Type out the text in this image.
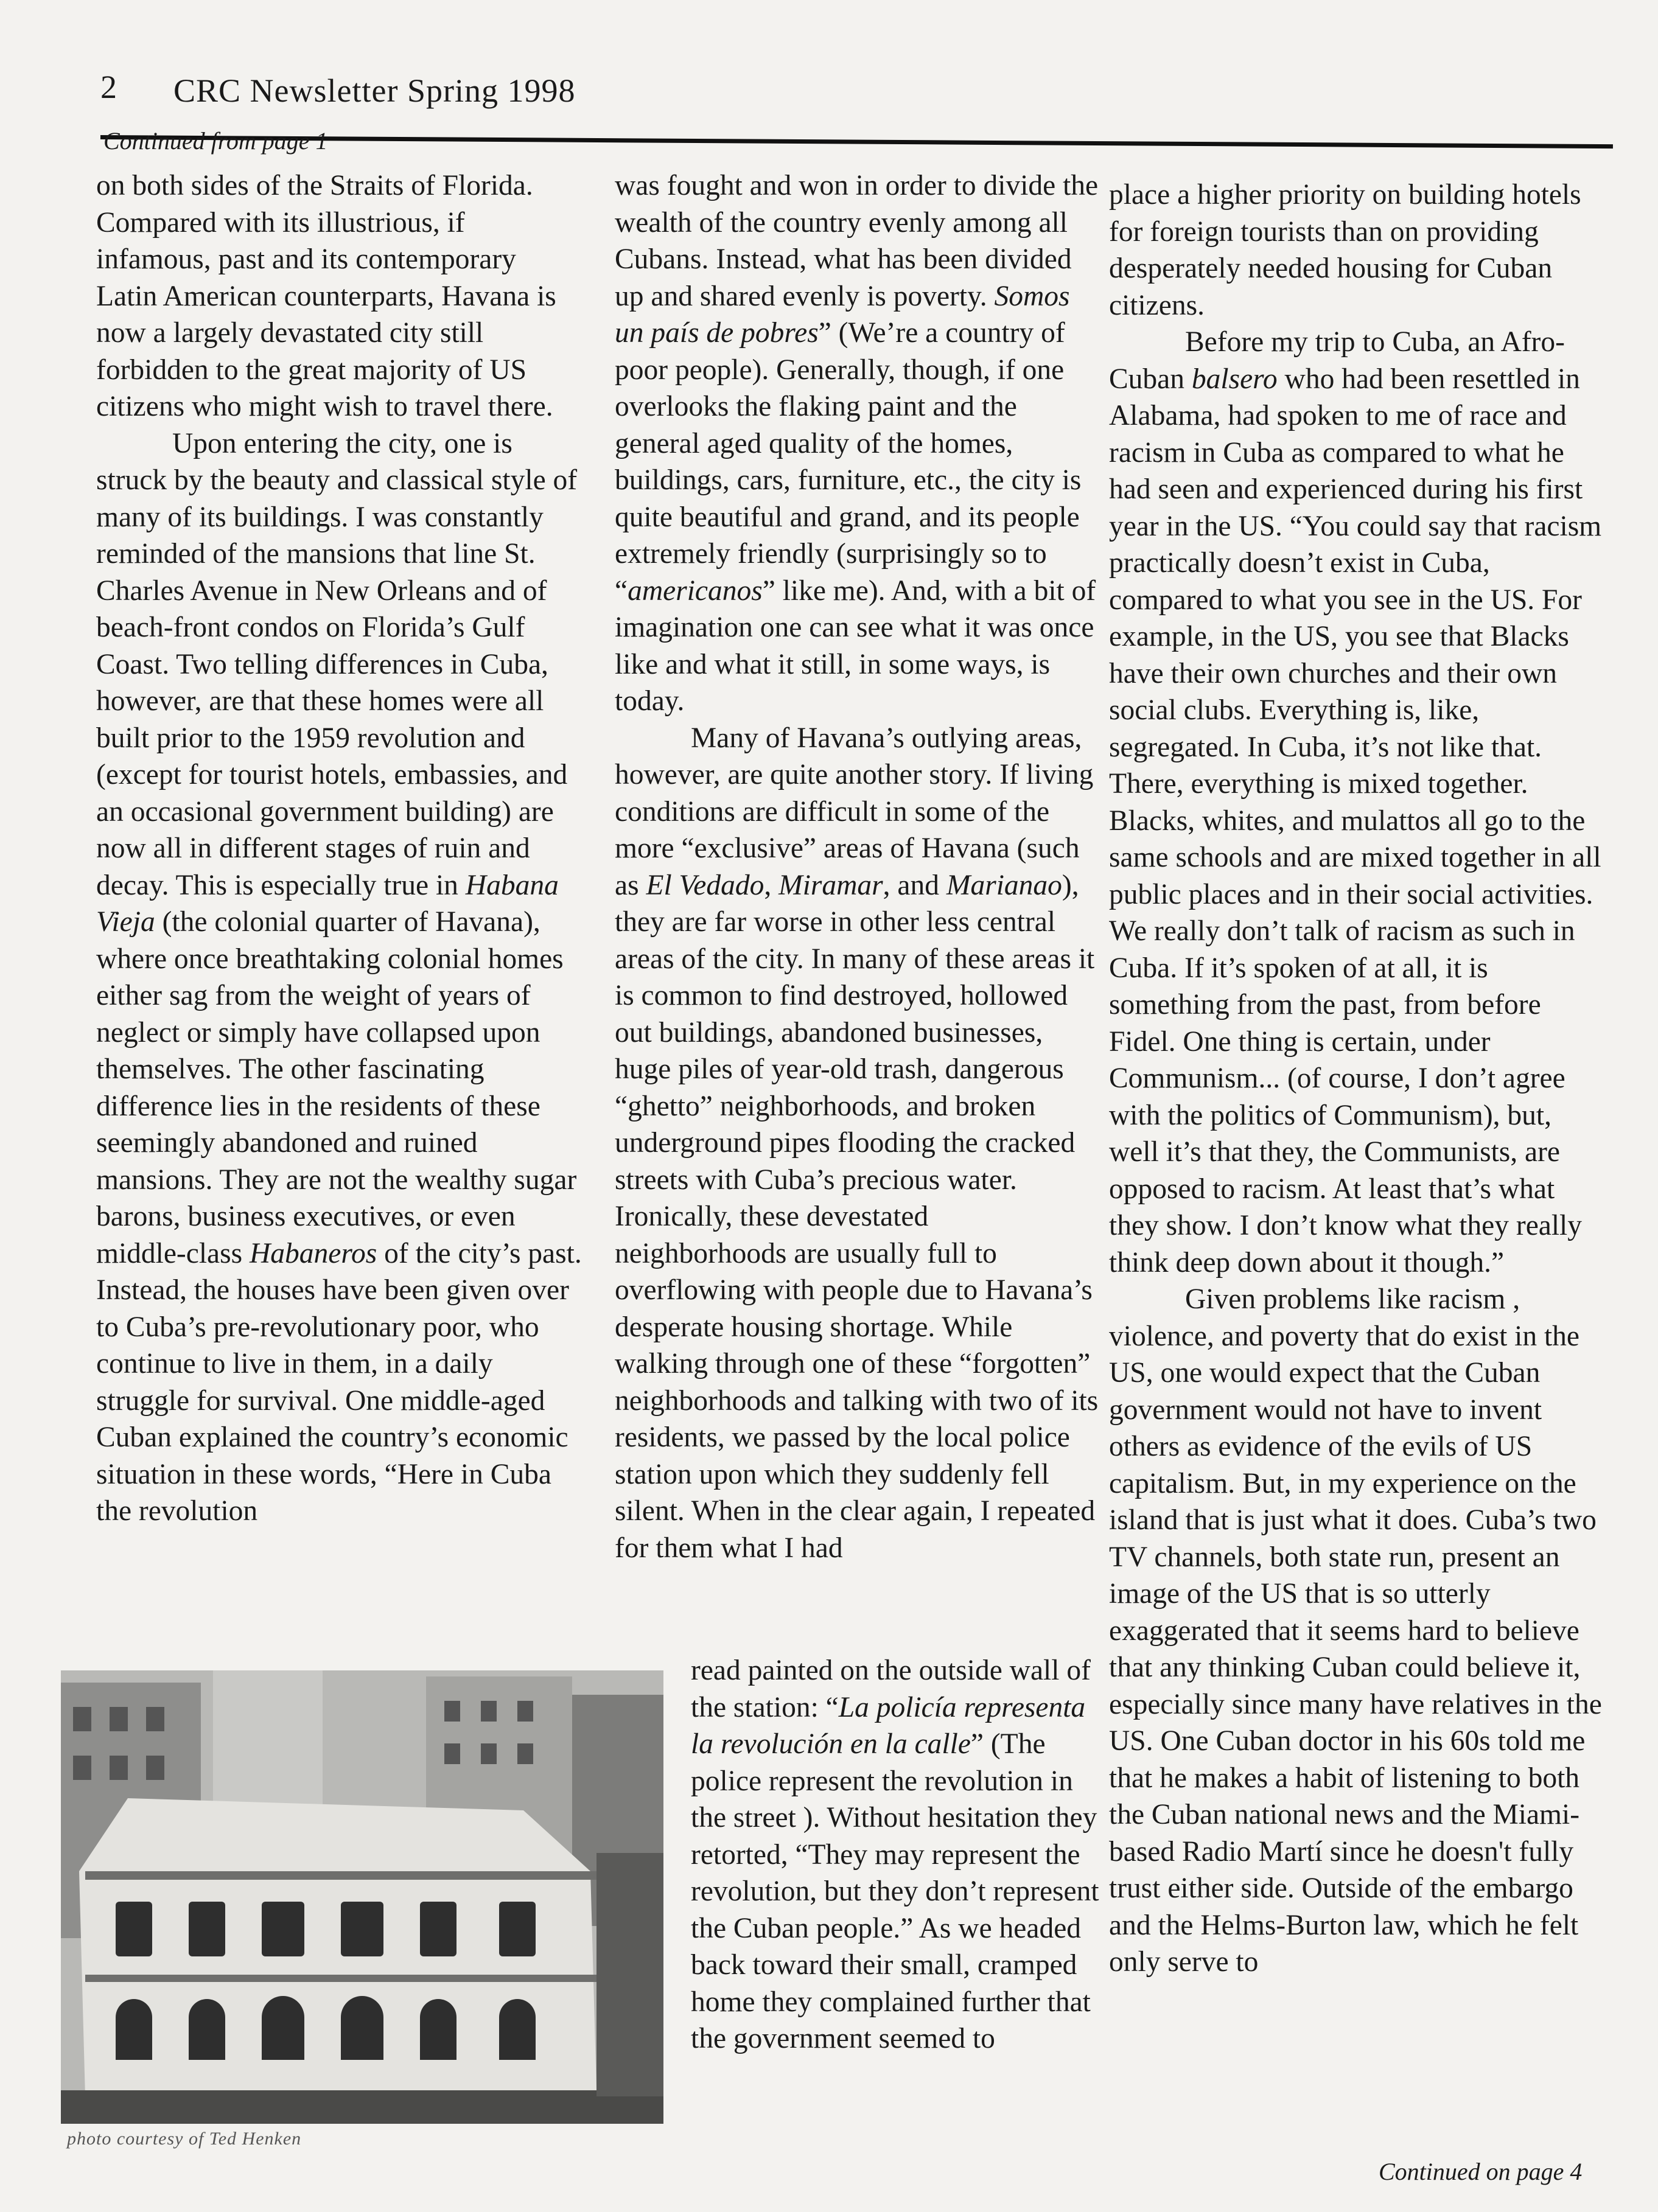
2 CRC Newsletter Spring 1998
Continued from page 1

on both sides of the Straits of Florida. Compared with its illustrious, if infamous, past and its contemporary Latin American counterparts, Havana is now a largely devastated city still forbidden to the great majority of US citizens who might wish to travel there.

Upon entering the city, one is struck by the beauty and classical style of many of its buildings. I was constantly reminded of the mansions that line St. Charles Avenue in New Orleans and of beach-front condos on Florida’s Gulf Coast. Two telling differences in Cuba, however, are that these homes were all built prior to the 1959 revolution and (except for tourist hotels, embassies, and an occasional government building) are now all in different stages of ruin and decay. This is especially true in Habana Vieja (the colonial quarter of Havana), where once breathtaking colonial homes either sag from the weight of years of neglect or simply have collapsed upon themselves. The other fascinating difference lies in the residents of these seemingly abandoned and ruined mansions. They are not the wealthy sugar barons, business executives, or even middle-class Habaneros of the city’s past. Instead, the houses have been given over to Cuba’s pre-revolutionary poor, who continue to live in them, in a daily struggle for survival. One middle-aged Cuban explained the country’s economic situation in these words, “Here in Cuba the revolution

was fought and won in order to divide the wealth of the country evenly among all Cubans. Instead, what has been divided up and shared evenly is poverty. Somos un país de pobres” (We’re a country of poor people). Generally, though, if one overlooks the flaking paint and the general aged quality of the homes, buildings, cars, furniture, etc., the city is quite beautiful and grand, and its people extremely friendly (surprisingly so to “americanos” like me). And, with a bit of imagination one can see what it was once like and what it still, in some ways, is today.

Many of Havana’s outlying areas, however, are quite another story. If living conditions are difficult in some of the more “exclusive” areas of Havana (such as El Vedado, Miramar, and Marianao), they are far worse in other less central areas of the city. In many of these areas it is common to find destroyed, hollowed out buildings, abandoned businesses, huge piles of year-old trash, dangerous “ghetto” neighborhoods, and broken underground pipes flooding the cracked streets with Cuba’s precious water. Ironically, these devestated neighborhoods are usually full to overflowing with people due to Havana’s desperate housing shortage. While walking through one of these “forgotten” neighborhoods and talking with two of its residents, we passed by the local police station upon which they suddenly fell silent. When in the clear again, I repeated for them what I had

read painted on the outside wall of the station: “La policía representa la revolución en la calle” (The police represent the revolution in the street ). Without hesitation they retorted, “They may represent the revolution, but they don’t represent the Cuban people.” As we headed back toward their small, cramped home they complained further that the government seemed to

place a higher priority on building hotels for foreign tourists than on providing desperately needed housing for Cuban citizens.

Before my trip to Cuba, an Afro-Cuban balsero who had been resettled in Alabama, had spoken to me of race and racism in Cuba as compared to what he had seen and experienced during his first year in the US. “You could say that racism practically doesn’t exist in Cuba, compared to what you see in the US. For example, in the US, you see that Blacks have their own churches and their own social clubs. Everything is, like, segregated. In Cuba, it’s not like that. There, everything is mixed together. Blacks, whites, and mulattos all go to the same schools and are mixed together in all public places and in their social activities. We really don’t talk of racism as such in Cuba. If it’s spoken of at all, it is something from the past, from before Fidel. One thing is certain, under Communism... (of course, I don’t agree with the politics of Communism), but, well it’s that they, the Communists, are opposed to racism. At least that’s what they show. I don’t know what they really think deep down about it though.”

Given problems like racism , violence, and poverty that do exist in the US, one would expect that the Cuban government would not have to invent others as evidence of the evils of US capitalism. But, in my experience on the island that is just what it does. Cuba’s two TV channels, both state run, present an image of the US that is so utterly exaggerated that it seems hard to believe that any thinking Cuban could believe it, especially since many have relatives in the US. One Cuban doctor in his 60s told me that he makes a habit of listening to both the Cuban national news and the Miami-based Radio Martí since he doesn't fully trust either side. Outside of the embargo and the Helms-Burton law, which he felt only serve to

photo courtesy of Ted Henken
Continued on page 4
